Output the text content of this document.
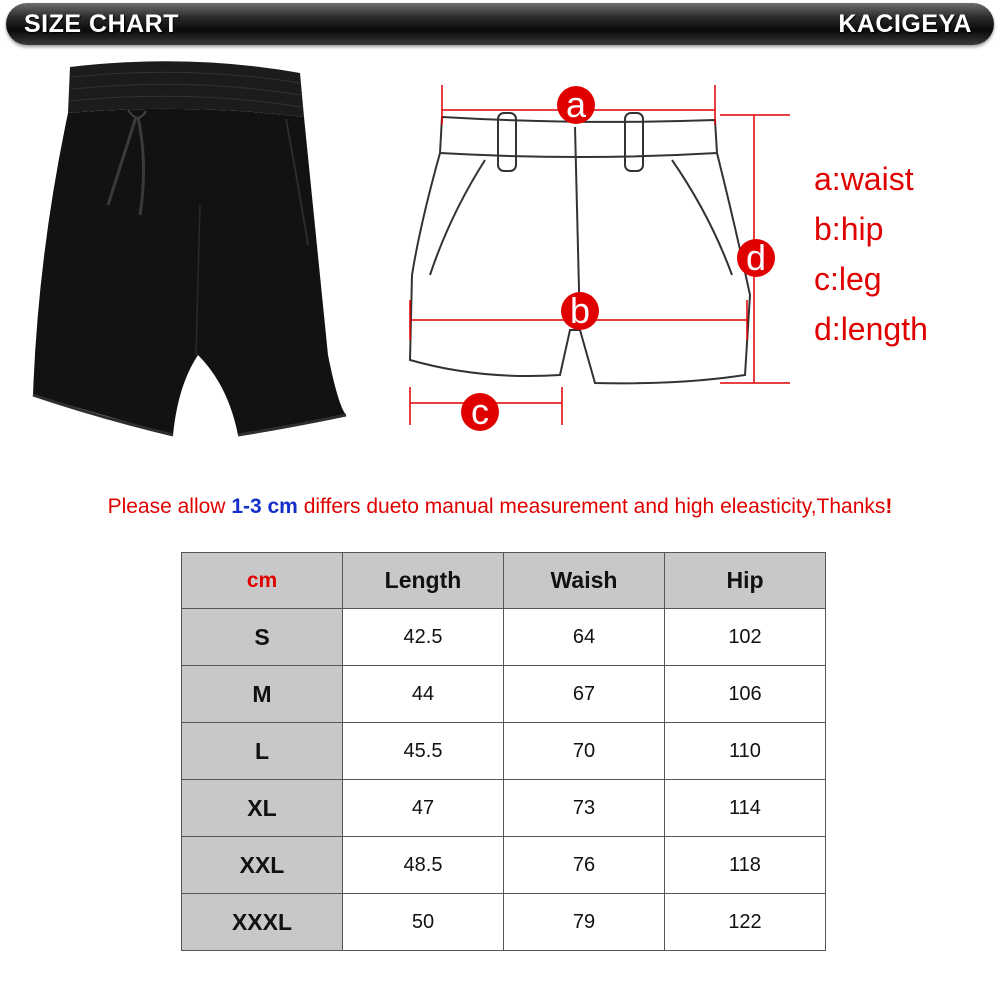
SIZE CHART	KACIGEYA
a
b
c
d
a:waist
b:hip
c:leg
d:length
Please allow 1-3 cm differs dueto manual measurement and high eleasticity,Thanks!
cm	Length	Waish	Hip
S	42.5	64	102
M	44	67	106
L	45.5	70	110
XL	47	73	114
XXL	48.5	76	118
XXXL	50	79	122
